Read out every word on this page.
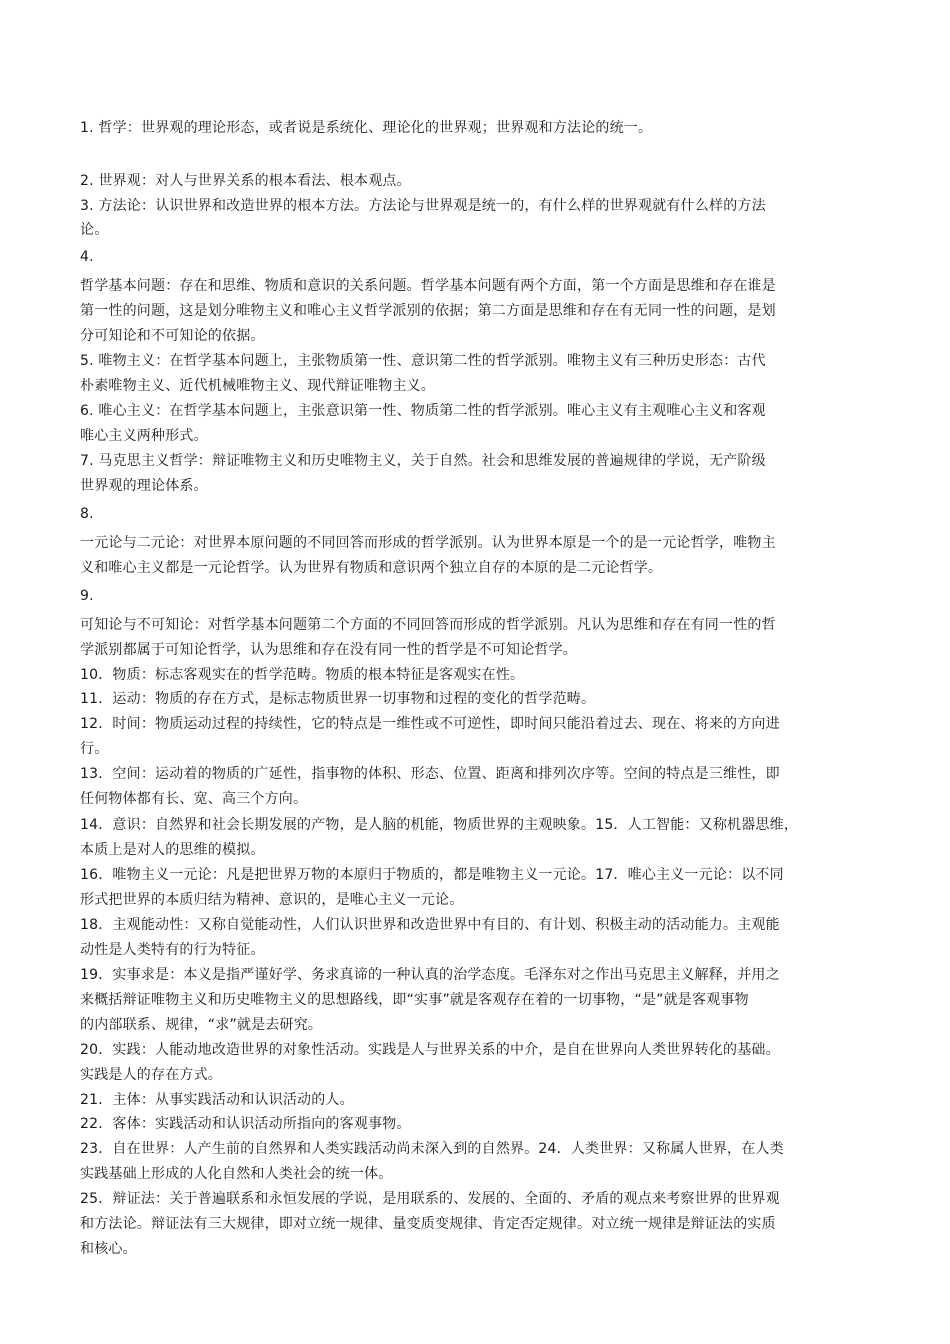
1. 哲学：世界观的理论形态，或者说是系统化、理论化的世界观；世界观和方法论的统一。
2. 世界观：对人与世界关系的根本看法、根本观点。
3. 方法论：认识世界和改造世界的根本方法。方法论与世界观是统一的，有什么样的世界观就有什么样的方法
论。
4.
哲学基本问题：存在和思维、物质和意识的关系问题。哲学基本问题有两个方面，第一个方面是思维和存在谁是
第一性的问题，这是划分唯物主义和唯心主义哲学派别的依据；第二方面是思维和存在有无同一性的问题，是划
分可知论和不可知论的依据。
5. 唯物主义：在哲学基本问题上，主张物质第一性、意识第二性的哲学派别。唯物主义有三种历史形态：古代
朴素唯物主义、近代机械唯物主义、现代辩证唯物主义。
6. 唯心主义：在哲学基本问题上，主张意识第一性、物质第二性的哲学派别。唯心主义有主观唯心主义和客观
唯心主义两种形式。
7. 马克思主义哲学：辩证唯物主义和历史唯物主义，关于自然。社会和思维发展的普遍规律的学说，无产阶级
世界观的理论体系。
8.
一元论与二元论：对世界本原问题的不同回答而形成的哲学派别。认为世界本原是一个的是一元论哲学，唯物主
义和唯心主义都是一元论哲学。认为世界有物质和意识两个独立自存的本原的是二元论哲学。
9.
可知论与不可知论：对哲学基本问题第二个方面的不同回答而形成的哲学派别。凡认为思维和存在有同一性的哲
学派别都属于可知论哲学，认为思维和存在没有同一性的哲学是不可知论哲学。
10．物质：标志客观实在的哲学范畴。物质的根本特征是客观实在性。
11．运动：物质的存在方式，是标志物质世界一切事物和过程的变化的哲学范畴。
12．时间：物质运动过程的持续性，它的特点是一维性或不可逆性，即时间只能沿着过去、现在、将来的方向进
行。
13．空间：运动着的物质的广延性，指事物的体积、形态、位置、距离和排列次序等。空间的特点是三维性，即
任何物体都有长、宽、高三个方向。
14．意识：自然界和社会长期发展的产物，是人脑的机能，物质世界的主观映象。15．人工智能：又称机器思维，
本质上是对人的思维的模拟。
16．唯物主义一元论：凡是把世界万物的本原归于物质的，都是唯物主义一元论。17．唯心主义一元论：以不同
形式把世界的本质归结为精神、意识的，是唯心主义一元论。
18．主观能动性：又称自觉能动性，人们认识世界和改造世界中有目的、有计划、积极主动的活动能力。主观能
动性是人类特有的行为特征。
19．实事求是：本义是指严谨好学、务求真谛的一种认真的治学态度。毛泽东对之作出马克思主义解释，并用之
来概括辩证唯物主义和历史唯物主义的思想路线，即“实事”就是客观存在着的一切事物，“是”就是客观事物
的内部联系、规律，“求”就是去研究。
20．实践：人能动地改造世界的对象性活动。实践是人与世界关系的中介，是自在世界向人类世界转化的基础。
实践是人的存在方式。
21．主体：从事实践活动和认识活动的人。
22．客体：实践活动和认识活动所指向的客观事物。
23．自在世界：人产生前的自然界和人类实践活动尚未深入到的自然界。24．人类世界：又称属人世界，在人类
实践基础上形成的人化自然和人类社会的统一体。
25．辩证法：关于普遍联系和永恒发展的学说，是用联系的、发展的、全面的、矛盾的观点来考察世界的世界观
和方法论。辩证法有三大规律，即对立统一规律、量变质变规律、肯定否定规律。对立统一规律是辩证法的实质
和核心。
